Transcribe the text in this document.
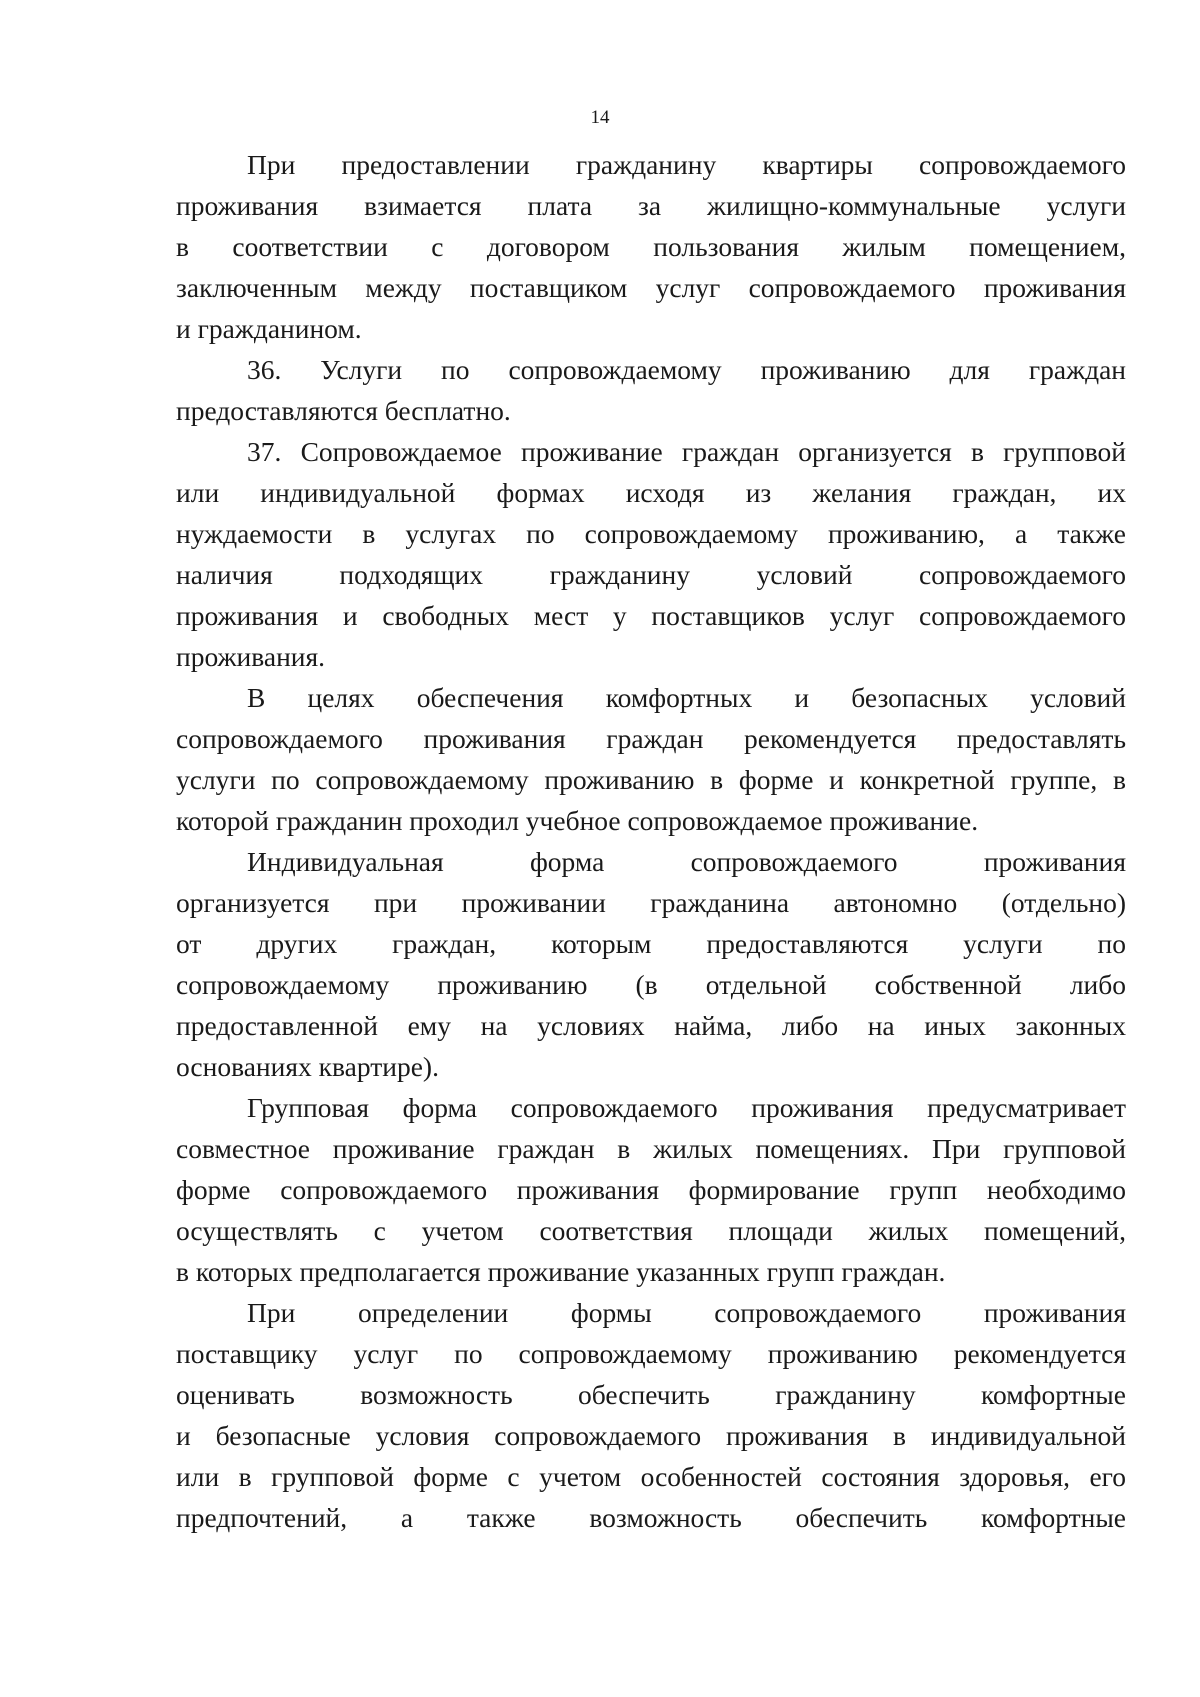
14
При предоставлении гражданину квартиры сопровождаемого
проживания взимается плата за жилищно-коммунальные услуги
в соответствии с договором пользования жилым помещением,
заключенным между поставщиком услуг сопровождаемого проживания
и гражданином.
36. Услуги по сопровождаемому проживанию для граждан
предоставляются бесплатно.
37. Сопровождаемое проживание граждан организуется в групповой
или индивидуальной формах исходя из желания граждан, их
нуждаемости в услугах по сопровождаемому проживанию, а также
наличия подходящих гражданину условий сопровождаемого
проживания и свободных мест у поставщиков услуг сопровождаемого
проживания.
В целях обеспечения комфортных и безопасных условий
сопровождаемого проживания граждан рекомендуется предоставлять
услуги по сопровождаемому проживанию в форме и конкретной группе, в
которой гражданин проходил учебное сопровождаемое проживание.
Индивидуальная форма сопровождаемого проживания
организуется при проживании гражданина автономно (отдельно)
от других граждан, которым предоставляются услуги по
сопровождаемому проживанию (в отдельной собственной либо
предоставленной ему на условиях найма, либо на иных законных
основаниях квартире).
Групповая форма сопровождаемого проживания предусматривает
совместное проживание граждан в жилых помещениях. При групповой
форме сопровождаемого проживания формирование групп необходимо
осуществлять с учетом соответствия площади жилых помещений,
в которых предполагается проживание указанных групп граждан.
При определении формы сопровождаемого проживания
поставщику услуг по сопровождаемому проживанию рекомендуется
оценивать возможность обеспечить гражданину комфортные
и безопасные условия сопровождаемого проживания в индивидуальной
или в групповой форме с учетом особенностей состояния здоровья, его
предпочтений, а также возможность обеспечить комфортные
